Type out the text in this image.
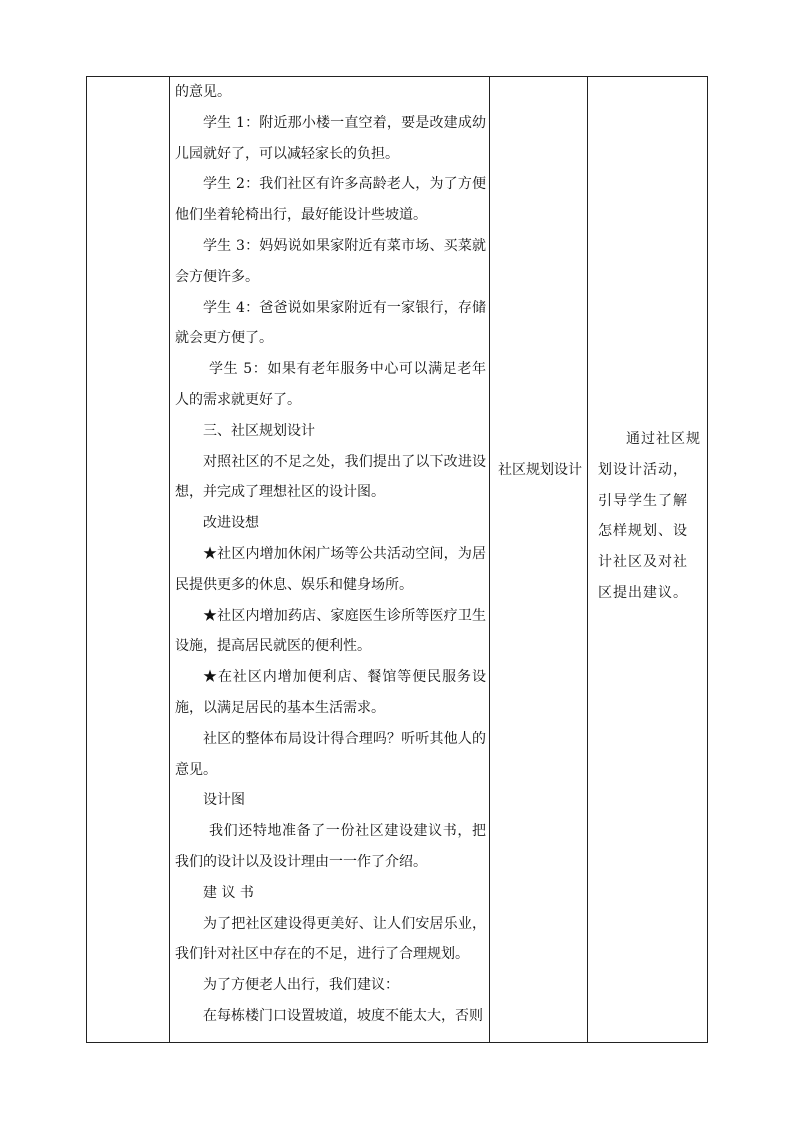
的意见。

学生 1：附近那小楼一直空着，要是改建成幼儿园就好了，可以减轻家长的负担。

学生 2：我们社区有许多高龄老人，为了方便他们坐着轮椅出行，最好能设计些坡道。

学生 3：妈妈说如果家附近有菜市场、买菜就会方便许多。

学生 4：爸爸说如果家附近有一家银行，存储就会更方便了。

学生 5：如果有老年服务中心可以满足老年人的需求就更好了。

三、社区规划设计

对照社区的不足之处，我们提出了以下改进设想，并完成了理想社区的设计图。

改进设想

★社区内增加休闲广场等公共活动空间，为居民提供更多的休息、娱乐和健身场所。

★社区内增加药店、家庭医生诊所等医疗卫生设施，提高居民就医的便利性。

★在社区内增加便利店、餐馆等便民服务设施，以满足居民的基本生活需求。

社区的整体布局设计得合理吗？听听其他人的意见。

设计图

我们还特地准备了一份社区建设建议书，把我们的设计以及设计理由一一作了介绍。

建 议 书

为了把社区建设得更美好、让人们安居乐业，我们针对社区中存在的不足，进行了合理规划。

为了方便老人出行，我们建议：

在每栋楼门口设置坡道，坡度不能太大，否则

社区规划设计
通过社区规划设计活动，引导学生了解怎样规划、设计社区及对社区提出建议。
